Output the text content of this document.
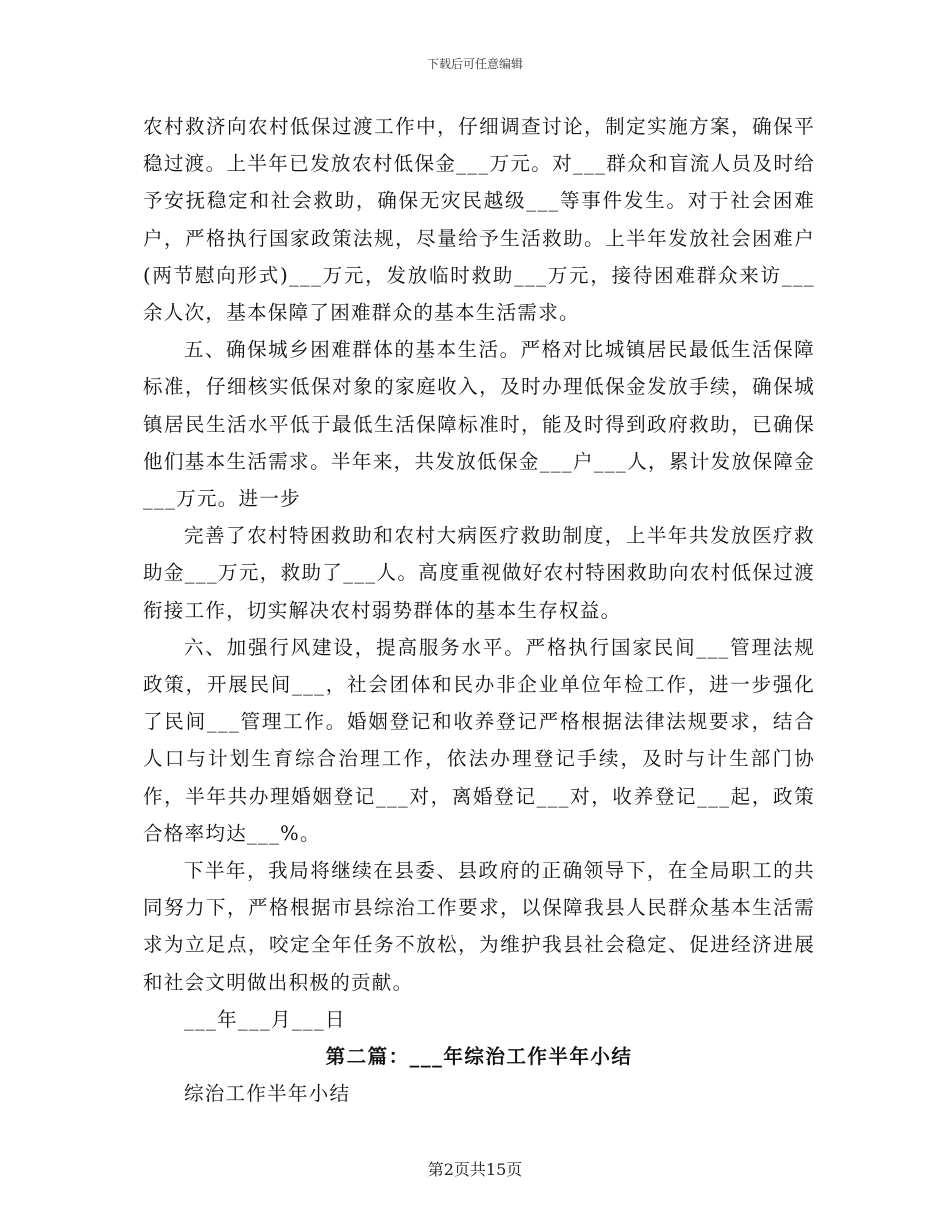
下载后可任意编辑

农村救济向农村低保过渡工作中，仔细调查讨论，制定实施方案，确保平稳过渡。上半年已发放农村低保金___万元。对___群众和盲流人员及时给予安抚稳定和社会救助，确保无灾民越级___等事件发生。对于社会困难户，严格执行国家政策法规，尽量给予生活救助。上半年发放社会困难户(两节慰向形式)___万元，发放临时救助___万元，接待困难群众来访___余人次，基本保障了困难群众的基本生活需求。

五、确保城乡困难群体的基本生活。严格对比城镇居民最低生活保障标准，仔细核实低保对象的家庭收入，及时办理低保金发放手续，确保城镇居民生活水平低于最低生活保障标准时，能及时得到政府救助，已确保他们基本生活需求。半年来，共发放低保金___户___人，累计发放保障金___万元。进一步

完善了农村特困救助和农村大病医疗救助制度，上半年共发放医疗救助金___万元，救助了___人。高度重视做好农村特困救助向农村低保过渡衔接工作，切实解决农村弱势群体的基本生存权益。

六、加强行风建设，提高服务水平。严格执行国家民间___管理法规政策，开展民间___，社会团体和民办非企业单位年检工作，进一步强化了民间___管理工作。婚姻登记和收养登记严格根据法律法规要求，结合人口与计划生育综合治理工作，依法办理登记手续，及时与计生部门协作，半年共办理婚姻登记___对，离婚登记___对，收养登记___起，政策合格率均达___%。

下半年，我局将继续在县委、县政府的正确领导下，在全局职工的共同努力下，严格根据市县综治工作要求，以保障我县人民群众基本生活需求为立足点，咬定全年任务不放松，为维护我县社会稳定、促进经济进展和社会文明做出积极的贡献。

___年___月___日

第二篇：___年综治工作半年小结

综治工作半年小结

第2页共15页
